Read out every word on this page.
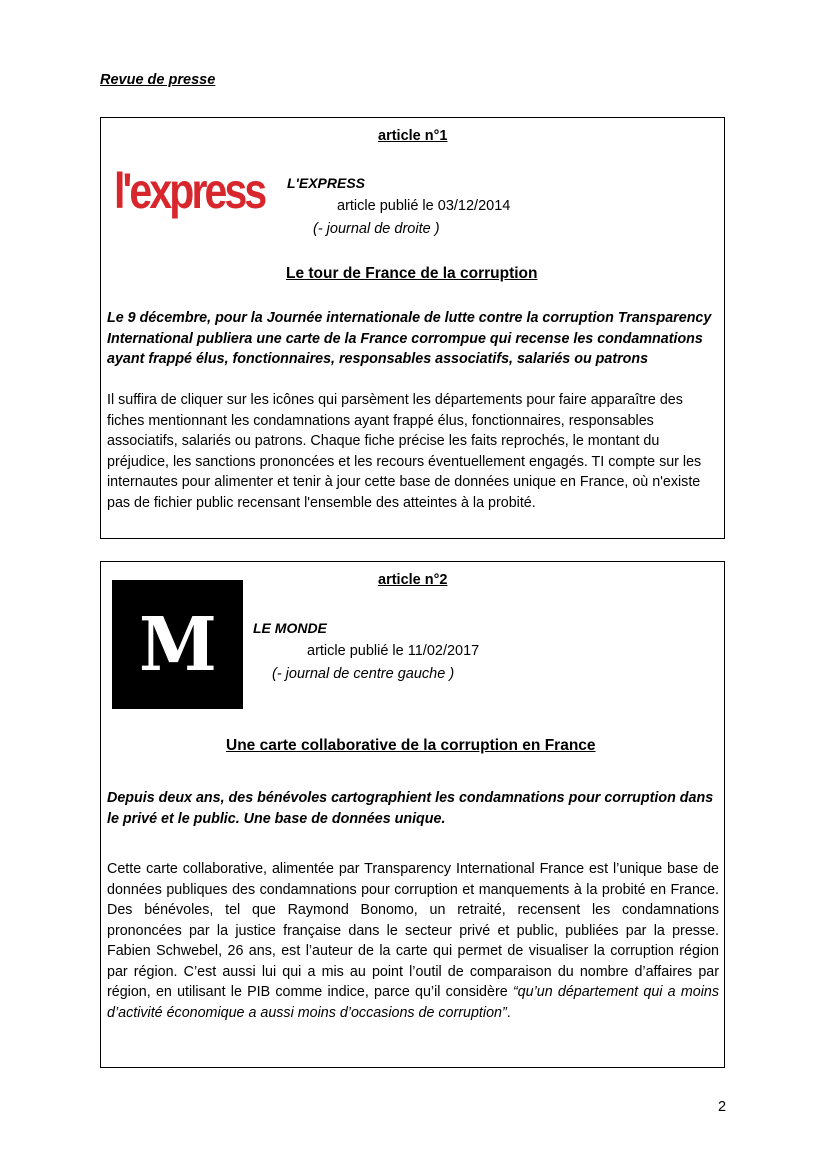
Revue de presse
article n°1
l'express L'EXPRESS
article publié le 03/12/2014
(- journal de droite )
Le tour de France de la corruption
Le 9 décembre, pour la Journée internationale de lutte contre la corruption Transparency International publiera une carte de la France corrompue qui recense les condamnations ayant frappé élus, fonctionnaires, responsables associatifs, salariés ou patrons
Il suffira de cliquer sur les icônes qui parsèment les départements pour faire apparaître des fiches mentionnant les condamnations ayant frappé élus, fonctionnaires, responsables associatifs, salariés ou patrons. Chaque fiche précise les faits reprochés, le montant du préjudice, les sanctions prononcées et les recours éventuellement engagés. TI compte sur les internautes pour alimenter et tenir à jour cette base de données unique en France, où n'existe pas de fichier public recensant l'ensemble des atteintes à la probité.
article n°2
M	LE MONDE
article publié le 11/02/2017
(- journal de centre gauche )
Une carte collaborative de la corruption en France
Depuis deux ans, des bénévoles cartographient les condamnations pour corruption dans le privé et le public. Une base de données unique.
Cette carte collaborative, alimentée par Transparency International France est l’unique base de données publiques des condamnations pour corruption et manquements à la probité en France. Des bénévoles, tel que Raymond Bonomo, un retraité, recensent les condamnations prononcées par la justice française dans le secteur privé et public, publiées par la presse. Fabien Schwebel, 26 ans, est l’auteur de la carte qui permet de visualiser la corruption région par région. C’est aussi lui qui a mis au point l’outil de comparaison du nombre d’affaires par région, en utilisant le PIB comme indice, parce qu’il considère “qu’un département qui a moins d’activité économique a aussi moins d’occasions de corruption”.
2
